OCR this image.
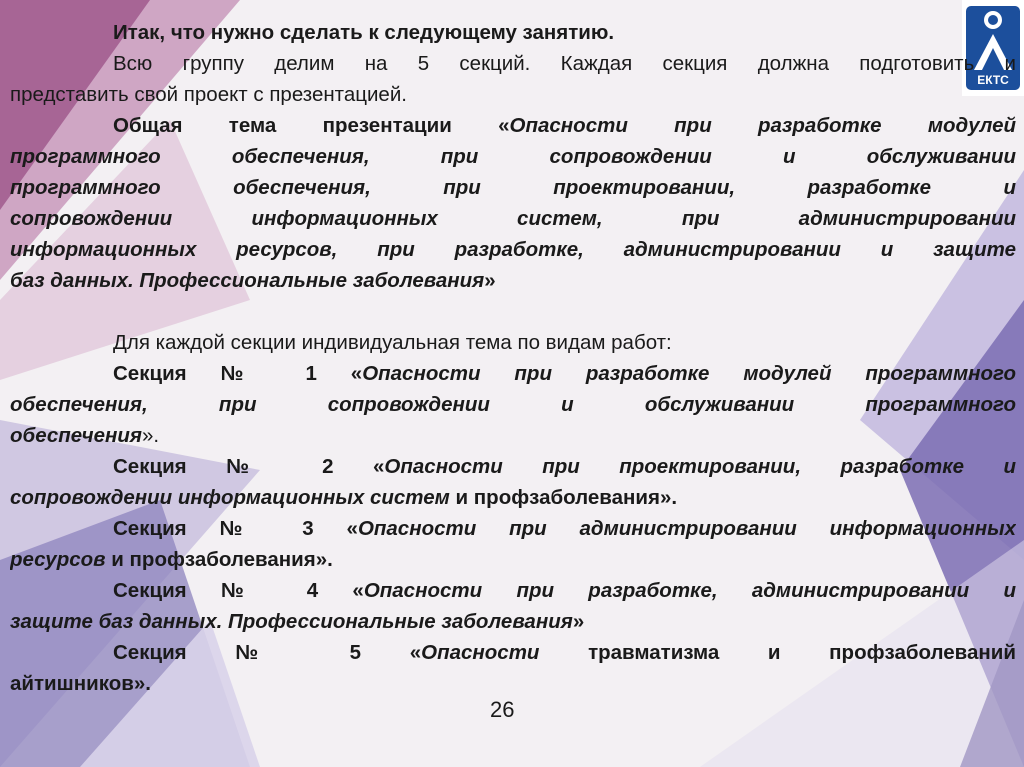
ЕКТС
Итак, что нужно сделать к следующему занятию.
Всю группу делим на 5 секций. Каждая секция должна подготовить и
представить свой проект с презентацией.
Общая тема презентации «Опасности при разработке модулей
программного обеспечения, при сопровождении и обслуживании
программного обеспечения, при проектировании, разработке и
сопровождении информационных систем, при администрировании
информационных ресурсов, при разработке, администрировании и защите
баз данных. Профессиональные заболевания»
Для каждой секции индивидуальная тема по видам работ:
Секция № 1 «Опасности при разработке модулей программного
обеспечения, при сопровождении и обслуживании программного
обеспечения».
Секция № 2 «Опасности при проектировании, разработке и
сопровождении информационных систем и профзаболевания».
Секция № 3 «Опасности при администрировании информационных
ресурсов и профзаболевания».
Секция № 4 «Опасности при разработке, администрировании и
защите баз данных. Профессиональные заболевания»
Секция № 5 «Опасности травматизма и профзаболеваний
айтишников».
26
